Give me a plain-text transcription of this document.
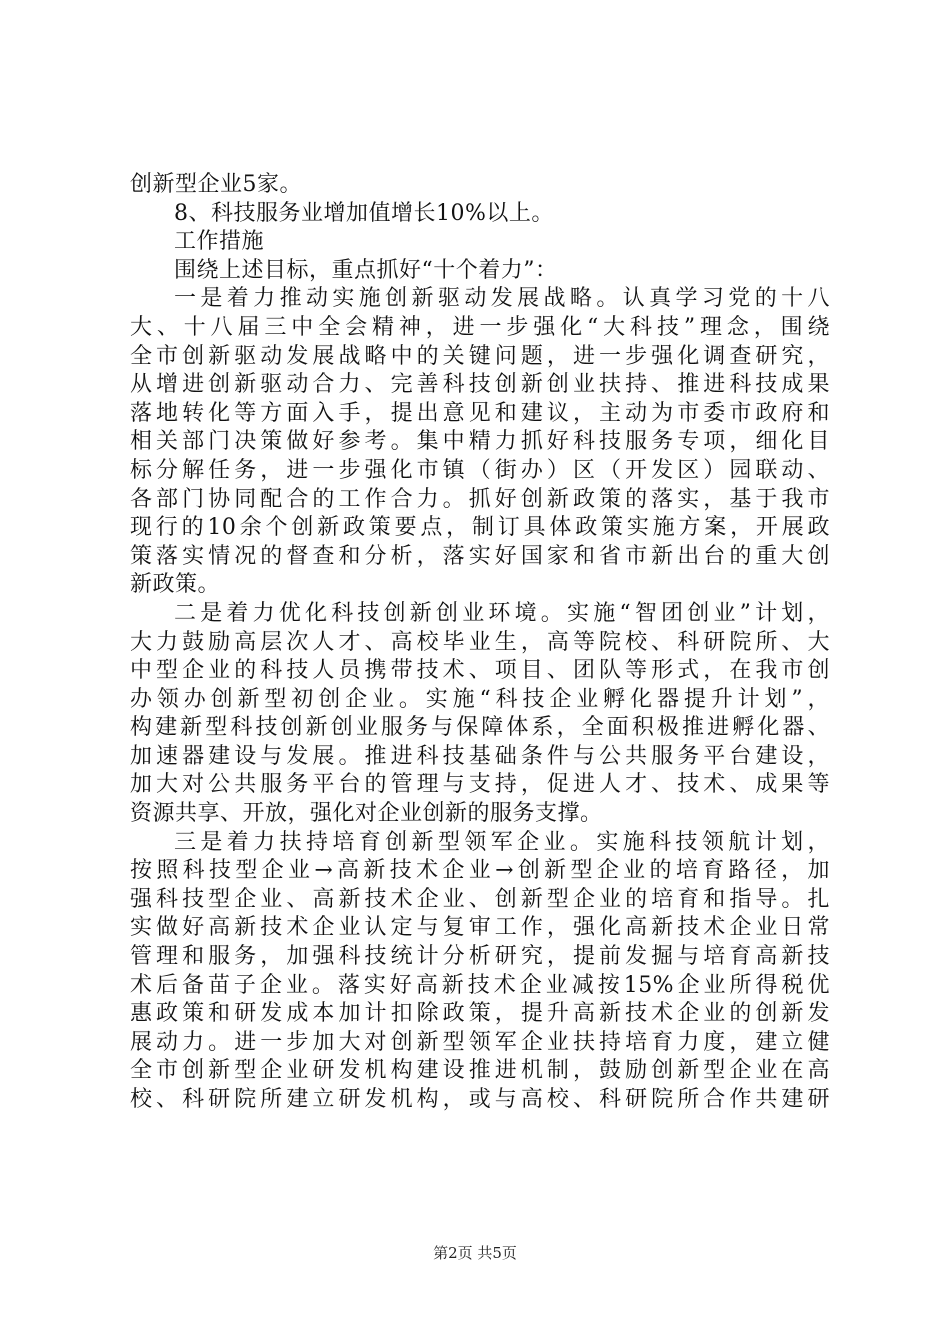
创新型企业5家。
8、科技服务业增加值增长10%以上。
工作措施
围绕上述目标，重点抓好“十个着力”：
一是着力推动实施创新驱动发展战略。认真学习党的十八
大、十八届三中全会精神，进一步强化“大科技”理念，围绕
全市创新驱动发展战略中的关键问题，进一步强化调查研究，
从增进创新驱动合力、完善科技创新创业扶持、推进科技成果
落地转化等方面入手，提出意见和建议，主动为市委市政府和
相关部门决策做好参考。集中精力抓好科技服务专项，细化目
标分解任务，进一步强化市镇（街办）区（开发区）园联动、
各部门协同配合的工作合力。抓好创新政策的落实，基于我市
现行的10余个创新政策要点，制订具体政策实施方案，开展政
策落实情况的督查和分析，落实好国家和省市新出台的重大创
新政策。
二是着力优化科技创新创业环境。实施“智团创业”计划，
大力鼓励高层次人才、高校毕业生，高等院校、科研院所、大
中型企业的科技人员携带技术、项目、团队等形式，在我市创
办领办创新型初创企业。实施“科技企业孵化器提升计划”，
构建新型科技创新创业服务与保障体系，全面积极推进孵化器、
加速器建设与发展。推进科技基础条件与公共服务平台建设，
加大对公共服务平台的管理与支持，促进人才、技术、成果等
资源共享、开放，强化对企业创新的服务支撑。
三是着力扶持培育创新型领军企业。实施科技领航计划，
按照科技型企业→高新技术企业→创新型企业的培育路径，加
强科技型企业、高新技术企业、创新型企业的培育和指导。扎
实做好高新技术企业认定与复审工作，强化高新技术企业日常
管理和服务，加强科技统计分析研究，提前发掘与培育高新技
术后备苗子企业。落实好高新技术企业减按15%企业所得税优
惠政策和研发成本加计扣除政策，提升高新技术企业的创新发
展动力。进一步加大对创新型领军企业扶持培育力度，建立健
全市创新型企业研发机构建设推进机制，鼓励创新型企业在高
校、科研院所建立研发机构，或与高校、科研院所合作共建研
第2页 共5页
